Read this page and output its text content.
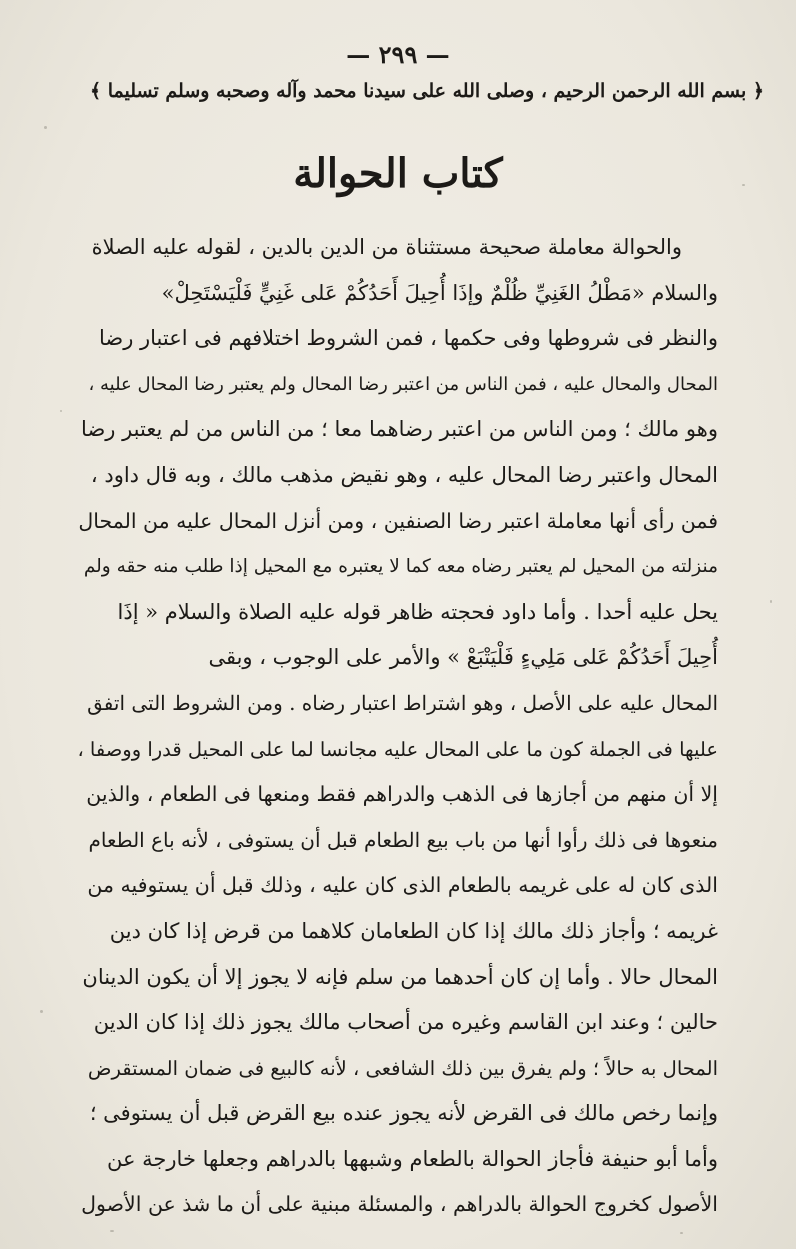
— ٢٩٩ —
﴿ بسم الله الرحمن الرحيم ، وصلى الله على سيدنا محمد وآله وصحبه وسلم تسليما ﴾
كتاب الحوالة
والحوالة معاملة صحيحة مستثناة من الدين بالدين ، لقوله عليه الصلاة
والسلام «مَطْلُ الغَنِيِّ ظُلْمٌ وإذَا أُحِيلَ أَحَدُكُمْ عَلى غَنِيٍّ فَلْيَسْتَحِلْ»
والنظر فى شروطها وفى حكمها ، فمن الشروط اختلافهم فى اعتبار رضا
المحال والمحال عليه ، فمن الناس من اعتبر رضا المحال ولم يعتبر رضا المحال عليه ،
وهو مالك ؛ ومن الناس من اعتبر رضاهما معا ؛ من الناس من لم يعتبر رضا
المحال واعتبر رضا المحال عليه ، وهو نقيض مذهب مالك ، وبه قال داود ،
فمن رأى أنها معاملة اعتبر رضا الصنفين ، ومن أنزل المحال عليه من المحال
منزلته من المحيل لم يعتبر رضاه معه كما لا يعتبره مع المحيل إذا طلب منه حقه ولم
يحل عليه أحدا . وأما داود فحجته ظاهر قوله عليه الصلاة والسلام « إذَا
أُحِيلَ أَحَدُكُمْ عَلى مَلِيءٍ فَلْيَتْبَعْ » والأمر على الوجوب ، وبقى
المحال عليه على الأصل ، وهو اشتراط اعتبار رضاه . ومن الشروط التى اتفق
عليها فى الجملة كون ما على المحال عليه مجانسا لما على المحيل قدرا ووصفا ،
إلا أن منهم من أجازها فى الذهب والدراهم فقط ومنعها فى الطعام ، والذين
منعوها فى ذلك رأوا أنها من باب بيع الطعام قبل أن يستوفى ، لأنه باع الطعام
الذى كان له على غريمه بالطعام الذى كان عليه ، وذلك قبل أن يستوفيه من
غريمه ؛ وأجاز ذلك مالك إذا كان الطعامان كلاهما من قرض إذا كان دين
المحال حالا . وأما إن كان أحدهما من سلم فإنه لا يجوز إلا أن يكون الدينان
حالين ؛ وعند ابن القاسم وغيره من أصحاب مالك يجوز ذلك إذا كان الدين
المحال به حالاً ؛ ولم يفرق بين ذلك الشافعى ، لأنه كالبيع فى ضمان المستقرض
وإنما رخص مالك فى القرض لأنه يجوز عنده بيع القرض قبل أن يستوفى ؛
وأما أبو حنيفة فأجاز الحوالة بالطعام وشبهها بالدراهم وجعلها خارجة عن
الأصول كخروج الحوالة بالدراهم ، والمسئلة مبنية على أن ما شذ عن الأصول
